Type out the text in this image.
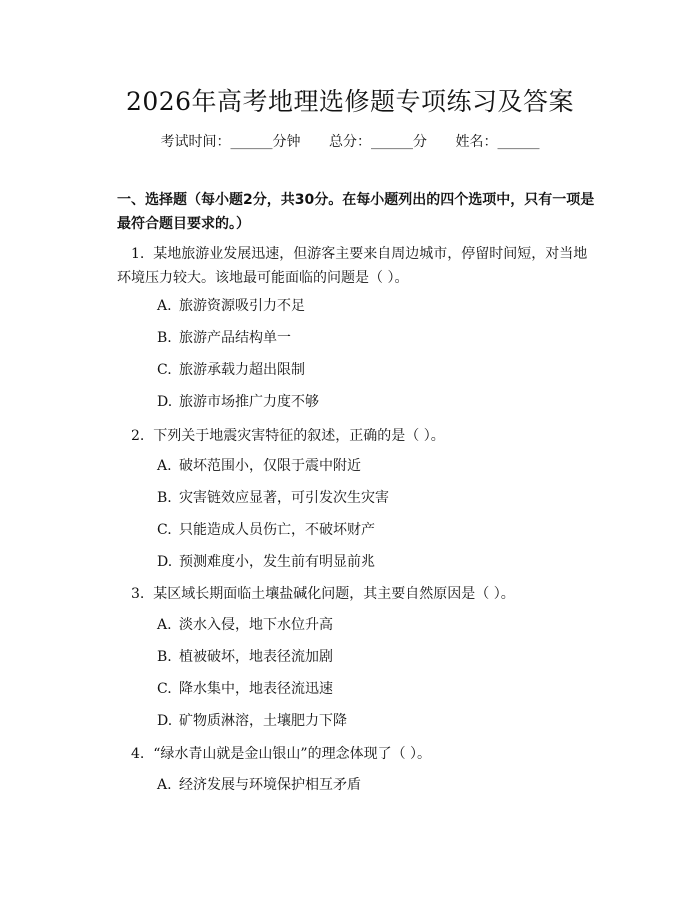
2026年高考地理选修题专项练习及答案
考试时间：______分钟 总分：______分 姓名：______
一、选择题（每小题2分，共30分。在每小题列出的四个选项中，只有一项是最符合题目要求的。）
1. 某地旅游业发展迅速，但游客主要来自周边城市，停留时间短，对当地环境压力较大。该地最可能面临的问题是（ ）。
A. 旅游资源吸引力不足
B. 旅游产品结构单一
C. 旅游承载力超出限制
D. 旅游市场推广力度不够
2. 下列关于地震灾害特征的叙述，正确的是（ ）。
A. 破坏范围小，仅限于震中附近
B. 灾害链效应显著，可引发次生灾害
C. 只能造成人员伤亡，不破坏财产
D. 预测难度小，发生前有明显前兆
3. 某区域长期面临土壤盐碱化问题，其主要自然原因是（ ）。
A. 淡水入侵，地下水位升高
B. 植被破坏，地表径流加剧
C. 降水集中，地表径流迅速
D. 矿物质淋溶，土壤肥力下降
4. “绿水青山就是金山银山”的理念体现了（ ）。
A. 经济发展与环境保护相互矛盾
